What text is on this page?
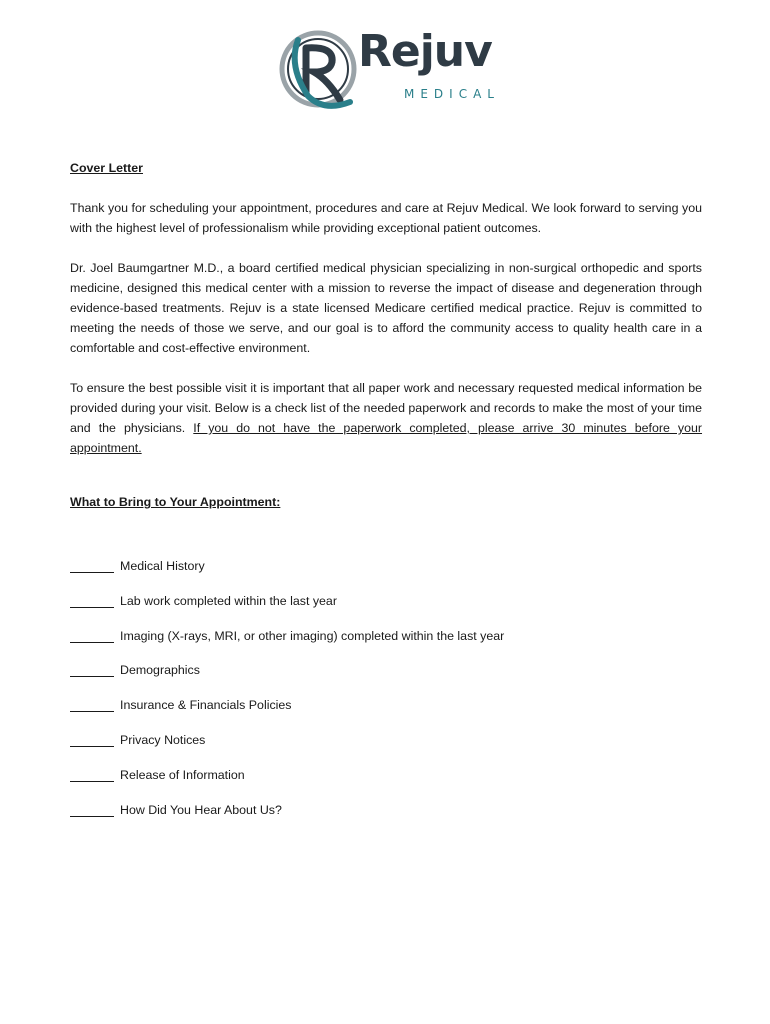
Rejuv
MEDICAL

Cover Letter

Thank you for scheduling your appointment, procedures and care at Rejuv Medical. We look forward to serving you with the highest level of professionalism while providing exceptional patient outcomes.

Dr. Joel Baumgartner M.D., a board certified medical physician specializing in non-surgical orthopedic and sports medicine, designed this medical center with a mission to reverse the impact of disease and degeneration through evidence-based treatments. Rejuv is a state licensed Medicare certified medical practice. Rejuv is committed to meeting the needs of those we serve, and our goal is to afford the community access to quality health care in a comfortable and cost-effective environment.

To ensure the best possible visit it is important that all paper work and necessary requested medical information be provided during your visit. Below is a check list of the needed paperwork and records to make the most of your time and the physicians. If you do not have the paperwork completed, please arrive 30 minutes before your appointment.

What to Bring to Your Appointment:

Medical History
Lab work completed within the last year
Imaging (X-rays, MRI, or other imaging) completed within the last year
Demographics
Insurance & Financials Policies
Privacy Notices
Release of Information
How Did You Hear About Us?
